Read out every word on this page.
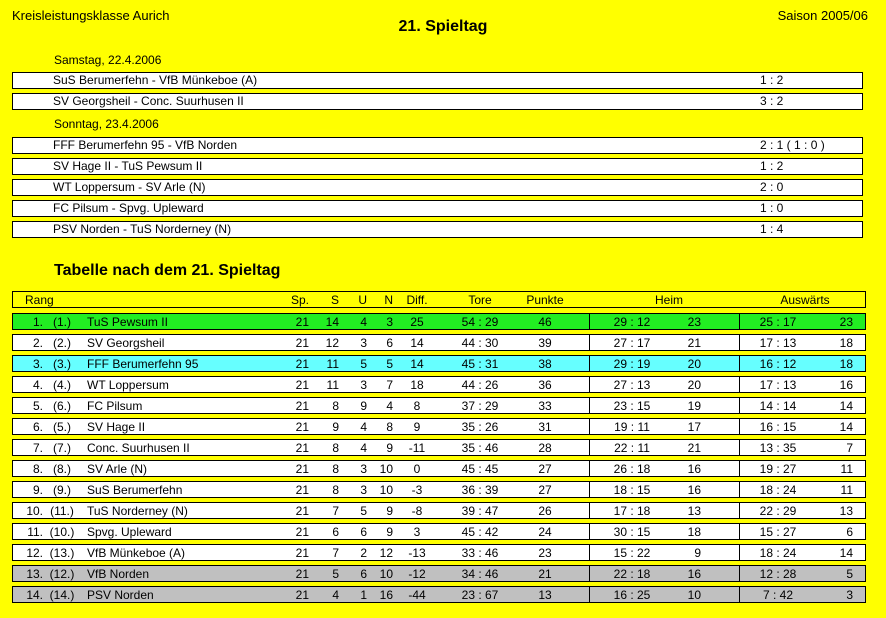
Kreisleistungsklasse Aurich
21. Spieltag
Saison 2005/06
Samstag, 22.4.2006
SuS Berumerfehn - VfB Münkeboe (A)	1 : 2
SV Georgsheil - Conc. Suurhusen II	3 : 2
Sonntag, 23.4.2006
FFF Berumerfehn 95 - VfB Norden	2 : 1 ( 1 : 0 )
SV Hage II - TuS Pewsum II	1 : 2
WT Loppersum - SV Arle (N)	2 : 0
FC Pilsum - Spvg. Upleward	1 : 0
PSV Norden - TuS Norderney (N)	1 : 4
Tabelle nach dem 21. Spieltag
Rang	Sp.	S	U	N	Diff.	Tore	Punkte	Heim	Auswärts
1. (1.)	TuS Pewsum II	21	14	4	3	25	54 : 29	46	29 : 12	23	25 : 17	23
2. (2.)	SV Georgsheil	21	12	3	6	14	44 : 30	39	27 : 17	21	17 : 13	18
3. (3.)	FFF Berumerfehn 95	21	11	5	5	14	45 : 31	38	29 : 19	20	16 : 12	18
4. (4.)	WT Loppersum	21	11	3	7	18	44 : 26	36	27 : 13	20	17 : 13	16
5. (6.)	FC Pilsum	21	8	9	4	8	37 : 29	33	23 : 15	19	14 : 14	14
6. (5.)	SV Hage II	21	9	4	8	9	35 : 26	31	19 : 11	17	16 : 15	14
7. (7.)	Conc. Suurhusen II	21	8	4	9	-11	35 : 46	28	22 : 11	21	13 : 35	7
8. (8.)	SV Arle (N)	21	8	3	10	0	45 : 45	27	26 : 18	16	19 : 27	11
9. (9.)	SuS Berumerfehn	21	8	3	10	-3	36 : 39	27	18 : 15	16	18 : 24	11
10. (11.)	TuS Norderney (N)	21	7	5	9	-8	39 : 47	26	17 : 18	13	22 : 29	13
11. (10.)	Spvg. Upleward	21	6	6	9	3	45 : 42	24	30 : 15	18	15 : 27	6
12. (13.)	VfB Münkeboe (A)	21	7	2	12	-13	33 : 46	23	15 : 22	9	18 : 24	14
13. (12.)	VfB Norden	21	5	6	10	-12	34 : 46	21	22 : 18	16	12 : 28	5
14. (14.)	PSV Norden	21	4	1	16	-44	23 : 67	13	16 : 25	10	7 : 42	3
